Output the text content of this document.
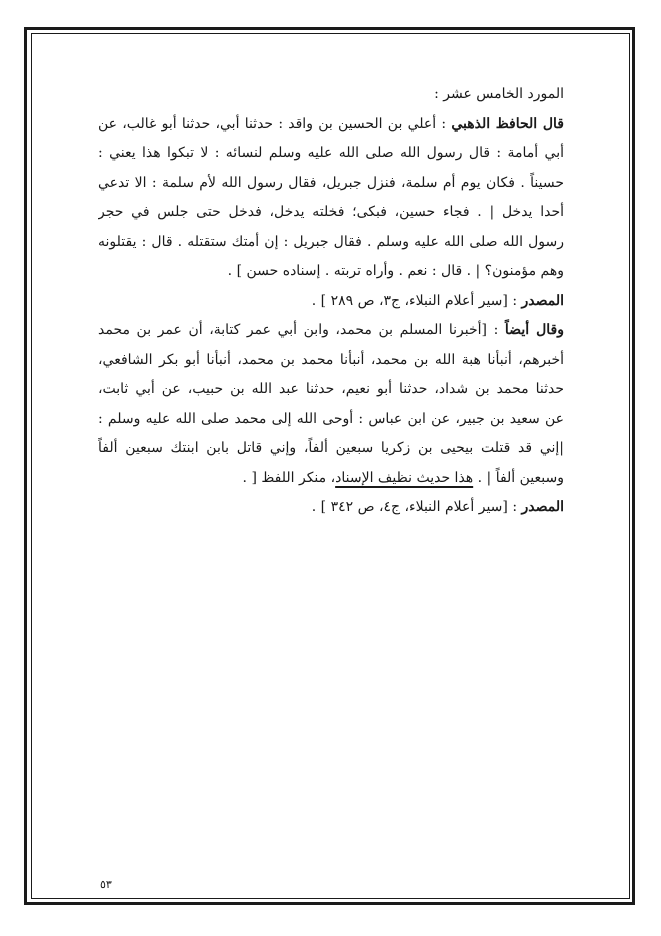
المورد الخامس عشر :
قال الحافظ الذهبي : أعلي بن الحسين بن واقد : حدثنا أبي، حدثنا أبو غالب، عن
أبي أمامة : قال رسول الله صلى الله عليه وسلم لنسائه : لا تبكوا هذا يعني :
حسيناً . فكان يوم أم سلمة، فنزل جبريل، فقال رسول الله لأم سلمة : الا تدعي
أحدا يدخل | . فجاء حسين، فبكى؛ فخلته يدخل، فدخل حتى جلس في حجر
رسول الله صلى الله عليه وسلم . فقال جبريل : إن أمتك ستقتله . قال : يقتلونه
وهم مؤمنون؟ | . قال : نعم . وأراه تربته . إسناده حسن ] .
المصدر : [سير أعلام النبلاء، ج٣، ص ٢٨٩ ] .
وقال أيضاً : [أخبرنا المسلم بن محمد، وابن أبي عمر كتابة، أن عمر بن محمد
أخبرهم، أنبأنا هبة الله بن محمد، أنبأنا محمد بن محمد، أنبأنا أبو بكر الشافعي،
حدثنا محمد بن شداد، حدثنا أبو نعيم، حدثنا عبد الله بن حبيب، عن أبي ثابت،
عن سعيد بن جبير، عن ابن عباس : أوحى الله إلى محمد صلى الله عليه وسلم :
|إني قد قتلت بيحيى بن زكريا سبعين ألفاً، وإني قاتل بابن ابنتك سبعين ألفاً
وسبعين ألفاً | . هذا حديث نظيف الإسناد، منكر اللفظ [ .
المصدر : [سير أعلام النبلاء، ج٤، ص ٣٤٢ ] .
٥٣
